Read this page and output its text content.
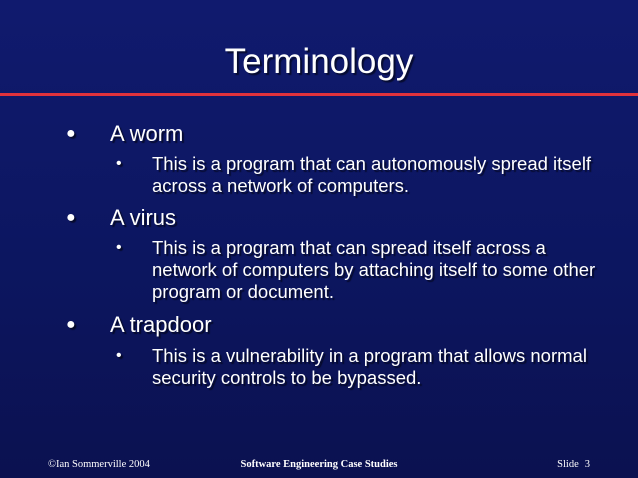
Terminology
● A worm
• This is a program that can autonomously spread itself across a network of computers.
● A virus
• This is a program that can spread itself across a network of computers by attaching itself to some other program or document.
● A trapdoor
• This is a vulnerability in a program that allows normal security controls to be bypassed.
©Ian Sommerville 2004	Software Engineering Case Studies	Slide 3
